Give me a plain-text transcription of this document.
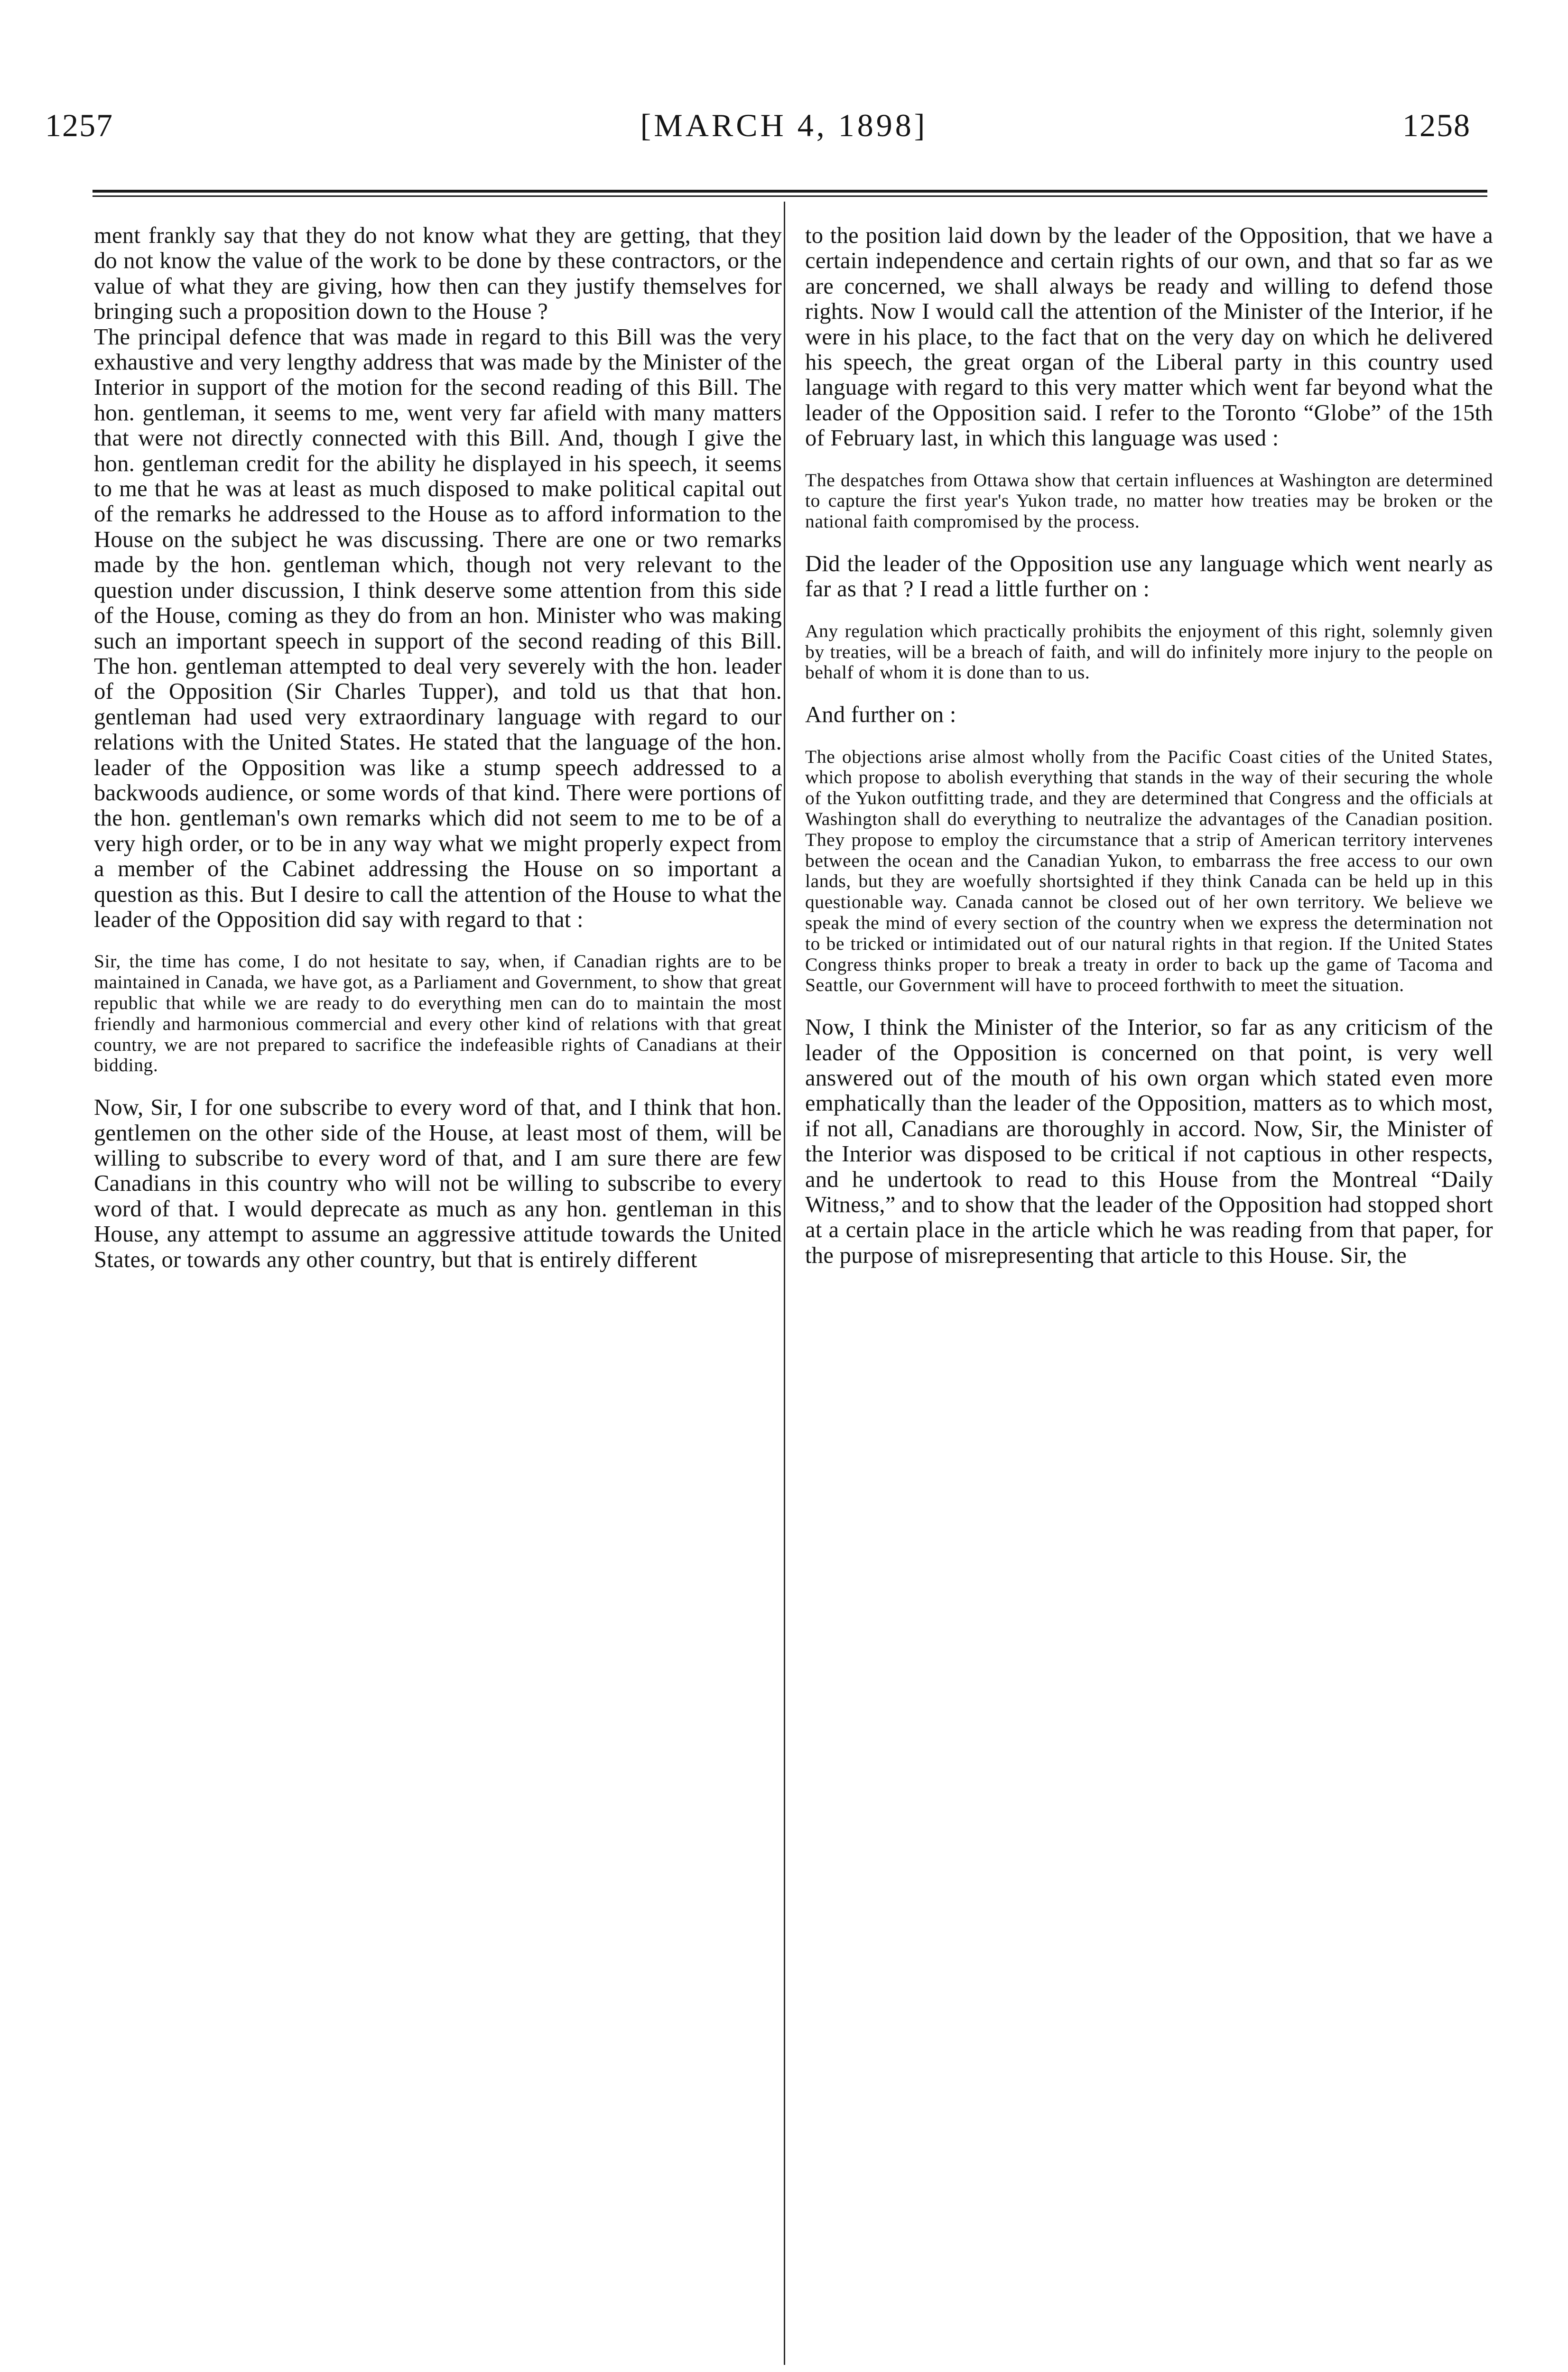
1257	[MARCH 4, 1898]	1258

ment frankly say that they do not know what they are getting, that they do not know the value of the work to be done by these contractors, or the value of what they are giving, how then can they justify themselves for bringing such a proposition down to the House ?

The principal defence that was made in regard to this Bill was the very exhaustive and very lengthy address that was made by the Minister of the Interior in support of the motion for the second reading of this Bill. The hon. gentleman, it seems to me, went very far afield with many matters that were not directly connected with this Bill. And, though I give the hon. gentleman credit for the ability he displayed in his speech, it seems to me that he was at least as much disposed to make political capital out of the remarks he addressed to the House as to afford information to the House on the subject he was discussing. There are one or two remarks made by the hon. gentleman which, though not very relevant to the question under discussion, I think deserve some attention from this side of the House, coming as they do from an hon. Minister who was making such an important speech in support of the second reading of this Bill. The hon. gentleman attempted to deal very severely with the hon. leader of the Opposition (Sir Charles Tupper), and told us that that hon. gentleman had used very extraordinary language with regard to our relations with the United States. He stated that the language of the hon. leader of the Opposition was like a stump speech addressed to a backwoods audience, or some words of that kind. There were portions of the hon. gentleman's own remarks which did not seem to me to be of a very high order, or to be in any way what we might properly expect from a member of the Cabinet addressing the House on so important a question as this. But I desire to call the attention of the House to what the leader of the Opposition did say with regard to that :

Sir, the time has come, I do not hesitate to say, when, if Canadian rights are to be maintained in Canada, we have got, as a Parliament and Government, to show that great republic that while we are ready to do everything men can do to maintain the most friendly and harmonious commercial and every other kind of relations with that great country, we are not prepared to sacrifice the indefeasible rights of Canadians at their bidding.

Now, Sir, I for one subscribe to every word of that, and I think that hon. gentlemen on the other side of the House, at least most of them, will be willing to subscribe to every word of that, and I am sure there are few Canadians in this country who will not be willing to subscribe to every word of that. I would deprecate as much as any hon. gentleman in this House, any attempt to assume an aggressive attitude towards the United States, or towards any other country, but that is entirely different

to the position laid down by the leader of the Opposition, that we have a certain independence and certain rights of our own, and that so far as we are concerned, we shall always be ready and willing to defend those rights. Now I would call the attention of the Minister of the Interior, if he were in his place, to the fact that on the very day on which he delivered his speech, the great organ of the Liberal party in this country used language with regard to this very matter which went far beyond what the leader of the Opposition said. I refer to the Toronto “Globe” of the 15th of February last, in which this language was used :

The despatches from Ottawa show that certain influences at Washington are determined to capture the first year's Yukon trade, no matter how treaties may be broken or the national faith compromised by the process.

Did the leader of the Opposition use any language which went nearly as far as that ? I read a little further on :

Any regulation which practically prohibits the enjoyment of this right, solemnly given by treaties, will be a breach of faith, and will do infinitely more injury to the people on behalf of whom it is done than to us.

And further on :

The objections arise almost wholly from the Pacific Coast cities of the United States, which propose to abolish everything that stands in the way of their securing the whole of the Yukon outfitting trade, and they are determined that Congress and the officials at Washington shall do everything to neutralize the advantages of the Canadian position. They propose to employ the circumstance that a strip of American territory intervenes between the ocean and the Canadian Yukon, to embarrass the free access to our own lands, but they are woefully shortsighted if they think Canada can be held up in this questionable way. Canada cannot be closed out of her own territory. We believe we speak the mind of every section of the country when we express the determination not to be tricked or intimidated out of our natural rights in that region. If the United States Congress thinks proper to break a treaty in order to back up the game of Tacoma and Seattle, our Government will have to proceed forthwith to meet the situation.

Now, I think the Minister of the Interior, so far as any criticism of the leader of the Opposition is concerned on that point, is very well answered out of the mouth of his own organ which stated even more emphatically than the leader of the Opposition, matters as to which most, if not all, Canadians are thoroughly in accord. Now, Sir, the Minister of the Interior was disposed to be critical if not captious in other respects, and he undertook to read to this House from the Montreal “Daily Witness,” and to show that the leader of the Opposition had stopped short at a certain place in the article which he was reading from that paper, for the purpose of misrepresenting that article to this House. Sir, the
